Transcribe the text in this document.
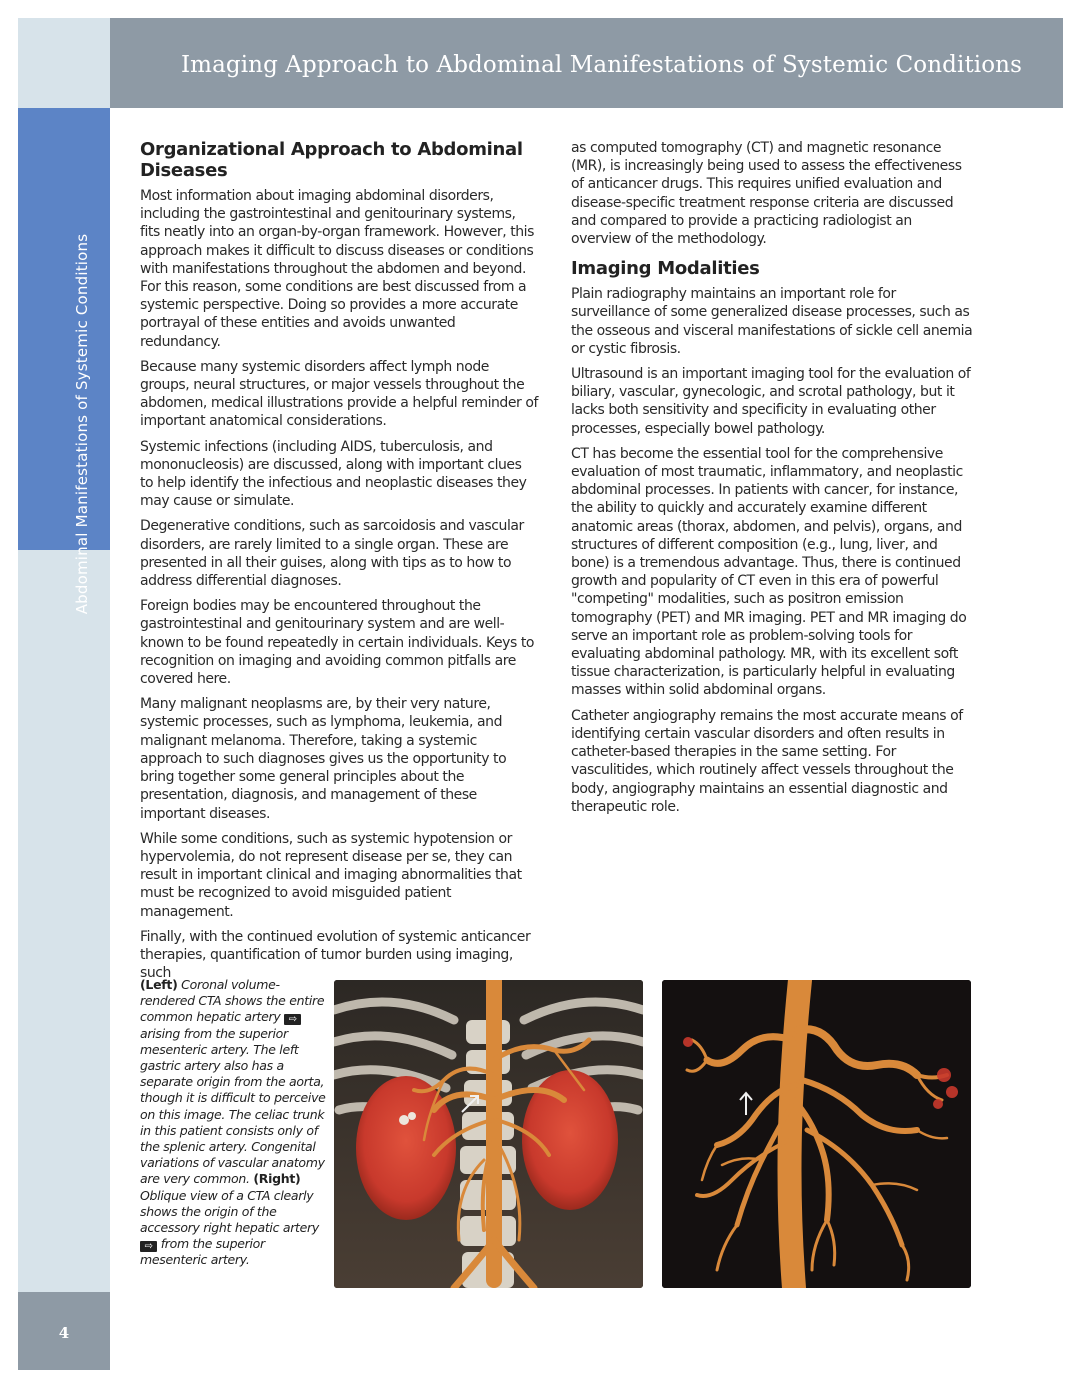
Imaging Approach to Abdominal Manifestations of Systemic Conditions
Abdominal Manifestations of Systemic Conditions
4
Organizational Approach to Abdominal Diseases

Most information about imaging abdominal disorders, including the gastrointestinal and genitourinary systems, fits neatly into an organ-by-organ framework. However, this approach makes it difficult to discuss diseases or conditions with manifestations throughout the abdomen and beyond. For this reason, some conditions are best discussed from a systemic perspective. Doing so provides a more accurate portrayal of these entities and avoids unwanted redundancy.

Because many systemic disorders affect lymph node groups, neural structures, or major vessels throughout the abdomen, medical illustrations provide a helpful reminder of important anatomical considerations.

Systemic infections (including AIDS, tuberculosis, and mononucleosis) are discussed, along with important clues to help identify the infectious and neoplastic diseases they may cause or simulate.

Degenerative conditions, such as sarcoidosis and vascular disorders, are rarely limited to a single organ. These are presented in all their guises, along with tips as to how to address differential diagnoses.

Foreign bodies may be encountered throughout the gastrointestinal and genitourinary system and are well-known to be found repeatedly in certain individuals. Keys to recognition on imaging and avoiding common pitfalls are covered here.

Many malignant neoplasms are, by their very nature, systemic processes, such as lymphoma, leukemia, and malignant melanoma. Therefore, taking a systemic approach to such diagnoses gives us the opportunity to bring together some general principles about the presentation, diagnosis, and management of these important diseases.

While some conditions, such as systemic hypotension or hypervolemia, do not represent disease per se, they can result in important clinical and imaging abnormalities that must be recognized to avoid misguided patient management.

Finally, with the continued evolution of systemic anticancer therapies, quantification of tumor burden using imaging, such

as computed tomography (CT) and magnetic resonance (MR), is increasingly being used to assess the effectiveness of anticancer drugs. This requires unified evaluation and disease-specific treatment response criteria are discussed and compared to provide a practicing radiologist an overview of the methodology.

Imaging Modalities

Plain radiography maintains an important role for surveillance of some generalized disease processes, such as the osseous and visceral manifestations of sickle cell anemia or cystic fibrosis.

Ultrasound is an important imaging tool for the evaluation of biliary, vascular, gynecologic, and scrotal pathology, but it lacks both sensitivity and specificity in evaluating other processes, especially bowel pathology.

CT has become the essential tool for the comprehensive evaluation of most traumatic, inflammatory, and neoplastic abdominal processes. In patients with cancer, for instance, the ability to quickly and accurately examine different anatomic areas (thorax, abdomen, and pelvis), organs, and structures of different composition (e.g., lung, liver, and bone) is a tremendous advantage. Thus, there is continued growth and popularity of CT even in this era of powerful "competing" modalities, such as positron emission tomography (PET) and MR imaging. PET and MR imaging do serve an important role as problem-solving tools for evaluating abdominal pathology. MR, with its excellent soft tissue characterization, is particularly helpful in evaluating masses within solid abdominal organs.

Catheter angiography remains the most accurate means of identifying certain vascular disorders and often results in catheter-based therapies in the same setting. For vasculitides, which routinely affect vessels throughout the body, angiography maintains an essential diagnostic and therapeutic role.

(Left) Coronal volume-rendered CTA shows the entire common hepatic artery ⇨ arising from the superior mesenteric artery. The left gastric artery also has a separate origin from the aorta, though it is difficult to perceive on this image. The celiac trunk in this patient consists only of the splenic artery. Congenital variations of vascular anatomy are very common. (Right) Oblique view of a CTA clearly shows the origin of the accessory right hepatic artery ⇨ from the superior mesenteric artery.
